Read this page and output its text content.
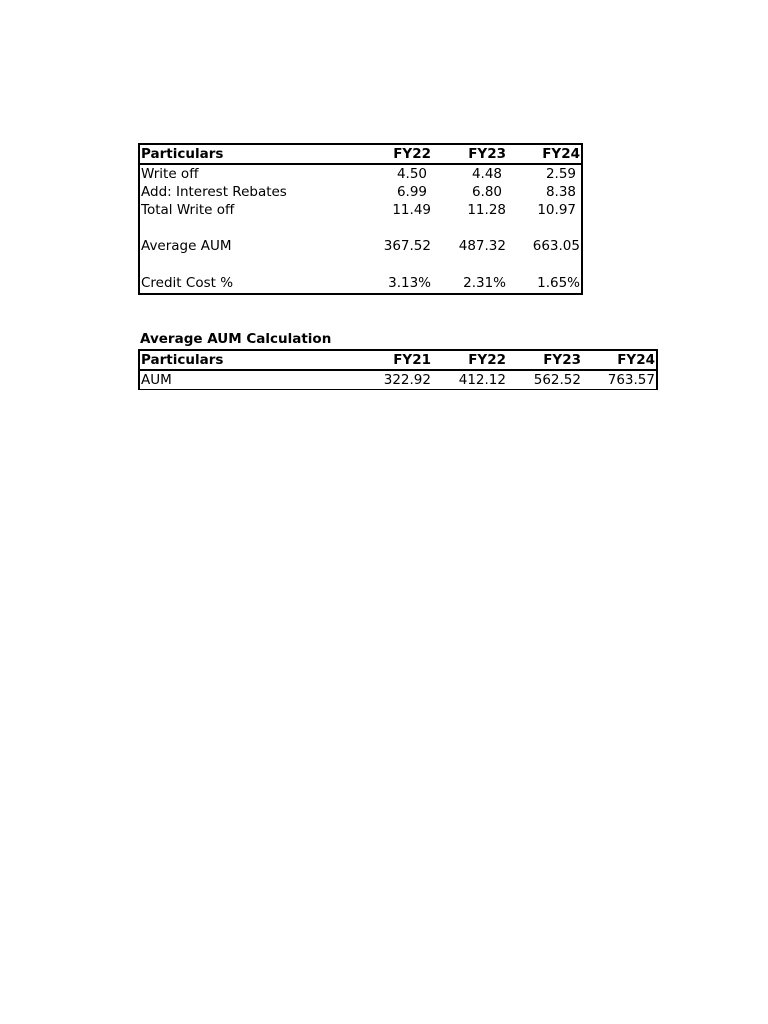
Particulars	FY22	FY23	FY24
Write off	4.50	4.48	2.59
Add: Interest Rebates	6.99	6.80	8.38
Total Write off	11.49	11.28	10.97

Average AUM	367.52	487.32	663.05

Credit Cost %	3.13%	2.31%	1.65%
Average AUM Calculation
Particulars	FY21	FY22	FY23	FY24
AUM	322.92	412.12	562.52	763.57
